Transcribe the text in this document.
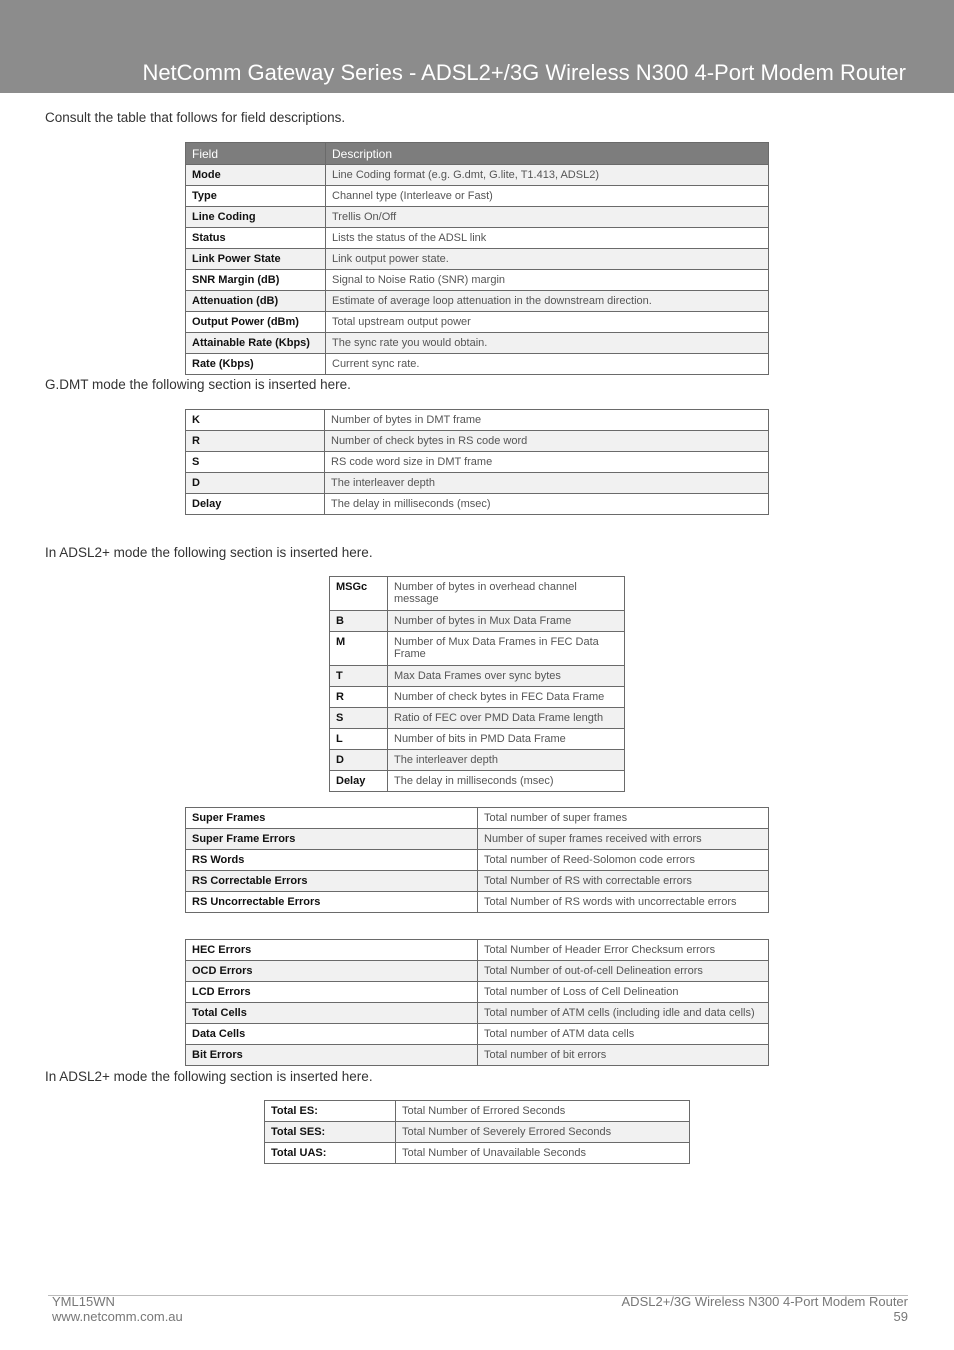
NetComm Gateway Series - ADSL2+/3G Wireless N300 4-Port Modem Router
Consult the table that follows for field descriptions.
Field	Description
Mode	Line Coding format (e.g. G.dmt, G.lite, T1.413, ADSL2)
Type	Channel type (Interleave or Fast)
Line Coding	Trellis On/Off
Status	Lists the status of the ADSL link
Link Power State	Link output power state.
SNR Margin (dB)	Signal to Noise Ratio (SNR) margin
Attenuation (dB)	Estimate of average loop attenuation in the downstream direction.
Output Power (dBm)	Total upstream output power
Attainable Rate (Kbps)	The sync rate you would obtain.
Rate (Kbps)	Current sync rate.
G.DMT mode the following section is inserted here.
K	Number of bytes in DMT frame
R	Number of check bytes in RS code word
S	RS code word size in DMT frame
D	The interleaver depth
Delay	The delay in milliseconds (msec)
In ADSL2+ mode the following section is inserted here.
MSGc	Number of bytes in overhead channel message
B	Number of bytes in Mux Data Frame
M	Number of Mux Data Frames in FEC Data Frame
T	Max Data Frames over sync bytes
R	Number of check bytes in FEC Data Frame
S	Ratio of FEC over PMD Data Frame length
L	Number of bits in PMD Data Frame
D	The interleaver depth
Delay	The delay in milliseconds (msec)
Super Frames	Total number of super frames
Super Frame Errors	Number of super frames received with errors
RS Words	Total number of Reed-Solomon code errors
RS Correctable Errors	Total Number of RS with correctable errors
RS Uncorrectable Errors	Total Number of RS words with uncorrectable errors
HEC Errors	Total Number of Header Error Checksum errors
OCD Errors	Total Number of out-of-cell Delineation errors
LCD Errors	Total number of Loss of Cell Delineation
Total Cells	Total number of ATM cells (including idle and data cells)
Data Cells	Total number of ATM data cells
Bit Errors	Total number of bit errors
In ADSL2+ mode the following section is inserted here.
Total ES:	Total Number of Errored Seconds
Total SES:	Total Number of Severely Errored Seconds
Total UAS:	Total Number of Unavailable Seconds
YML15WN
www.netcomm.com.au
ADSL2+/3G Wireless N300 4-Port Modem Router
59
